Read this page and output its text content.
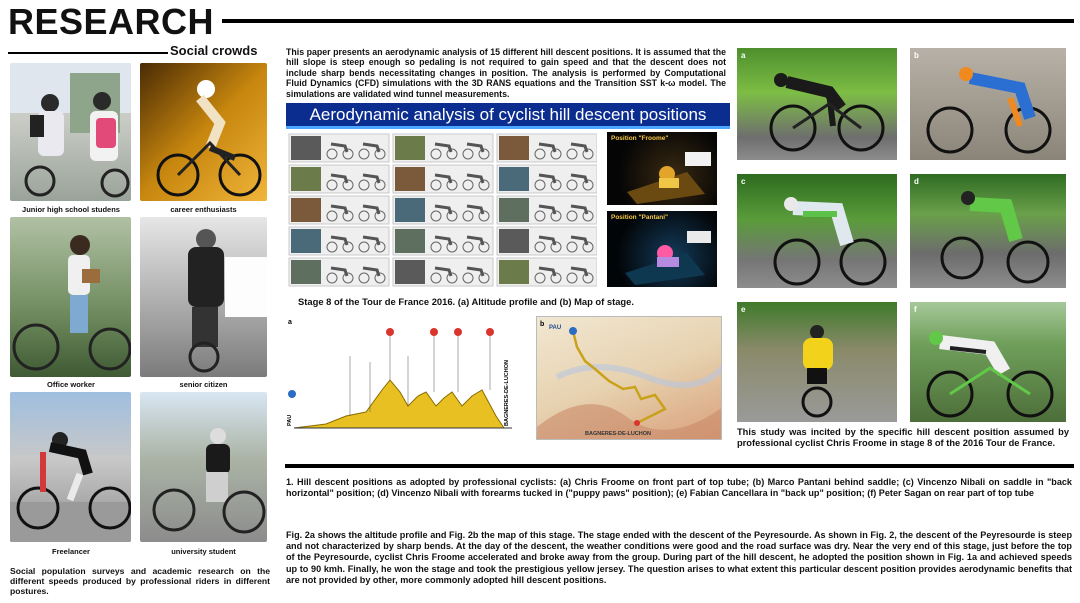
RESEARCH
Social crowds
Junior high school studens	career enthusiasts
Office worker	senior citizen
Freelancer	university student
Social population surveys and academic research on the different speeds produced by professional riders in different postures.
This paper presents an aerodynamic analysis of 15 different hill descent positions. It is assumed that the hill slope is steep enough so pedaling is not required to gain speed and that the descent does not include sharp bends necessitating changes in position. The analysis is performed by Computational Fluid Dynamics (CFD) simulations with the 3D RANS equations and the Transition SST k-ω model. The simulations are validated wind tunnel measurements.
Aerodynamic analysis of cyclist hill descent positions
Position "Froome"
Position "Pantani"
Stage 8 of the Tour de France 2016. (a) Altitude profile and (b) Map of stage.
a
PAU	BAGNERES-DE-LUCHON
b PAU
BAGNERES-DE-LUCHON
a	b
c	d
e	f
This study was incited by the specific hill descent position assumed by professional cyclist Chris Froome in stage 8 of the 2016 Tour de France.
1. Hill descent positions as adopted by professional cyclists: (a) Chris Froome on front part of top tube; (b) Marco Pantani behind saddle; (c) Vincenzo Nibali on saddle in "back horizontal" position; (d) Vincenzo Nibali with forearms tucked in ("puppy paws" position); (e) Fabian Cancellara in "back up" position; (f) Peter Sagan on rear part of top tube
Fig. 2a shows the altitude profile and Fig. 2b the map of this stage. The stage ended with the descent of the Peyresourde. As shown in Fig. 2, the descent of the Peyresourde is steep and not characterized by sharp bends. At the day of the descent, the weather conditions were good and the road surface was dry. Near the very end of this stage, just before the top of the Peyresourde, cyclist Chris Froome accelerated and broke away from the group. During part of the hill descent, he adopted the position shown in Fig. 1a and achieved speeds up to 90 kmh. Finally, he won the stage and took the prestigious yellow jersey. The question arises to what extent this particular descent position provides aerodynamic benefits that are not provided by other, more commonly adopted hill descent positions.
